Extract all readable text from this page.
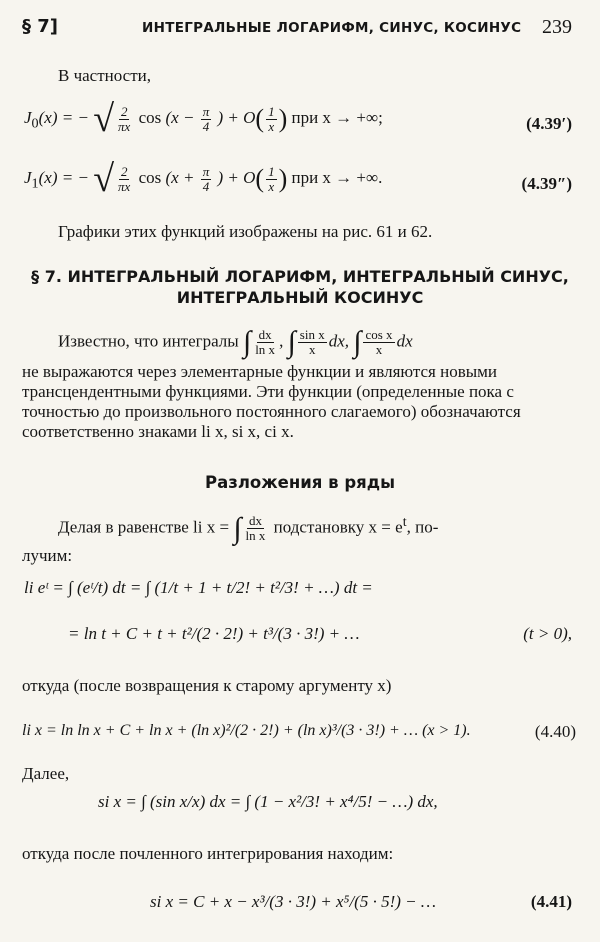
§ 7]	ИНТЕГРАЛЬНЫЕ ЛОГАРИФМ, СИНУС, КОСИНУС 239
В частности,
$J_0(x)$ = − √ $\frac{2}{\pi x}$ $\cos (x - \frac{\pi}{4}$ ) + $O( \frac{1}{x}$ ) при x → +∞;	(4.39′)
$J_1(x)$ = − √ $\frac{2}{\pi x}$ $\cos (x + \frac{\pi}{4}$ ) + $O( \frac{1}{x}$ ) при x → +∞.	(4.39″)
Графики этих функций изображены на рис. 61 и 62.
§ 7. ИНТЕГРАЛЬНЫЙ ЛОГАРИФМ, ИНТЕГРАЛЬНЫЙ СИНУС,
ИНТЕГРАЛЬНЫЙ КОСИНУС
Известно, что интегралы ∫ $\frac{dx}{\text{ln x}}$ , ∫ $\frac{\text{sin x}}{x}$ dx, ∫ $\frac{\text{cos x}}{x}$ dx
не выражаются через элементарные функции и являются новыми трансцендентными функциями. Эти функции (определенные пока с точностью до произвольного постоянного слагаемого) обозначаются соответственно знаками li x, si x, ci x.
Разложения в ряды
Делая в равенстве li x = ∫ $\frac{dx}{\text{ln x}}$ подстановку $x = e^t$, по-
лучим:
li eᵗ = ∫ (eᵗ/t) dt = ∫ (1/t + 1 + t/2! + t²/3! + …) dt =
= ln t + C + t + t²/(2 · 2!) + t³/(3 · 3!) + …	(t > 0),
откуда (после возвращения к старому аргументу x)
li x = ln ln x + C + ln x + (ln x)²/(2 · 2!) + (ln x)³/(3 · 3!) + … (x > 1).	(4.40)
Далее,
si x = ∫ (sin x/x) dx = ∫ (1 − x²/3! + x⁴/5! − …) dx,
откуда после почленного интегрирования находим:
si x = C + x − x³/(3 · 3!) + x⁵/(5 · 5!) − …	(4.41)
